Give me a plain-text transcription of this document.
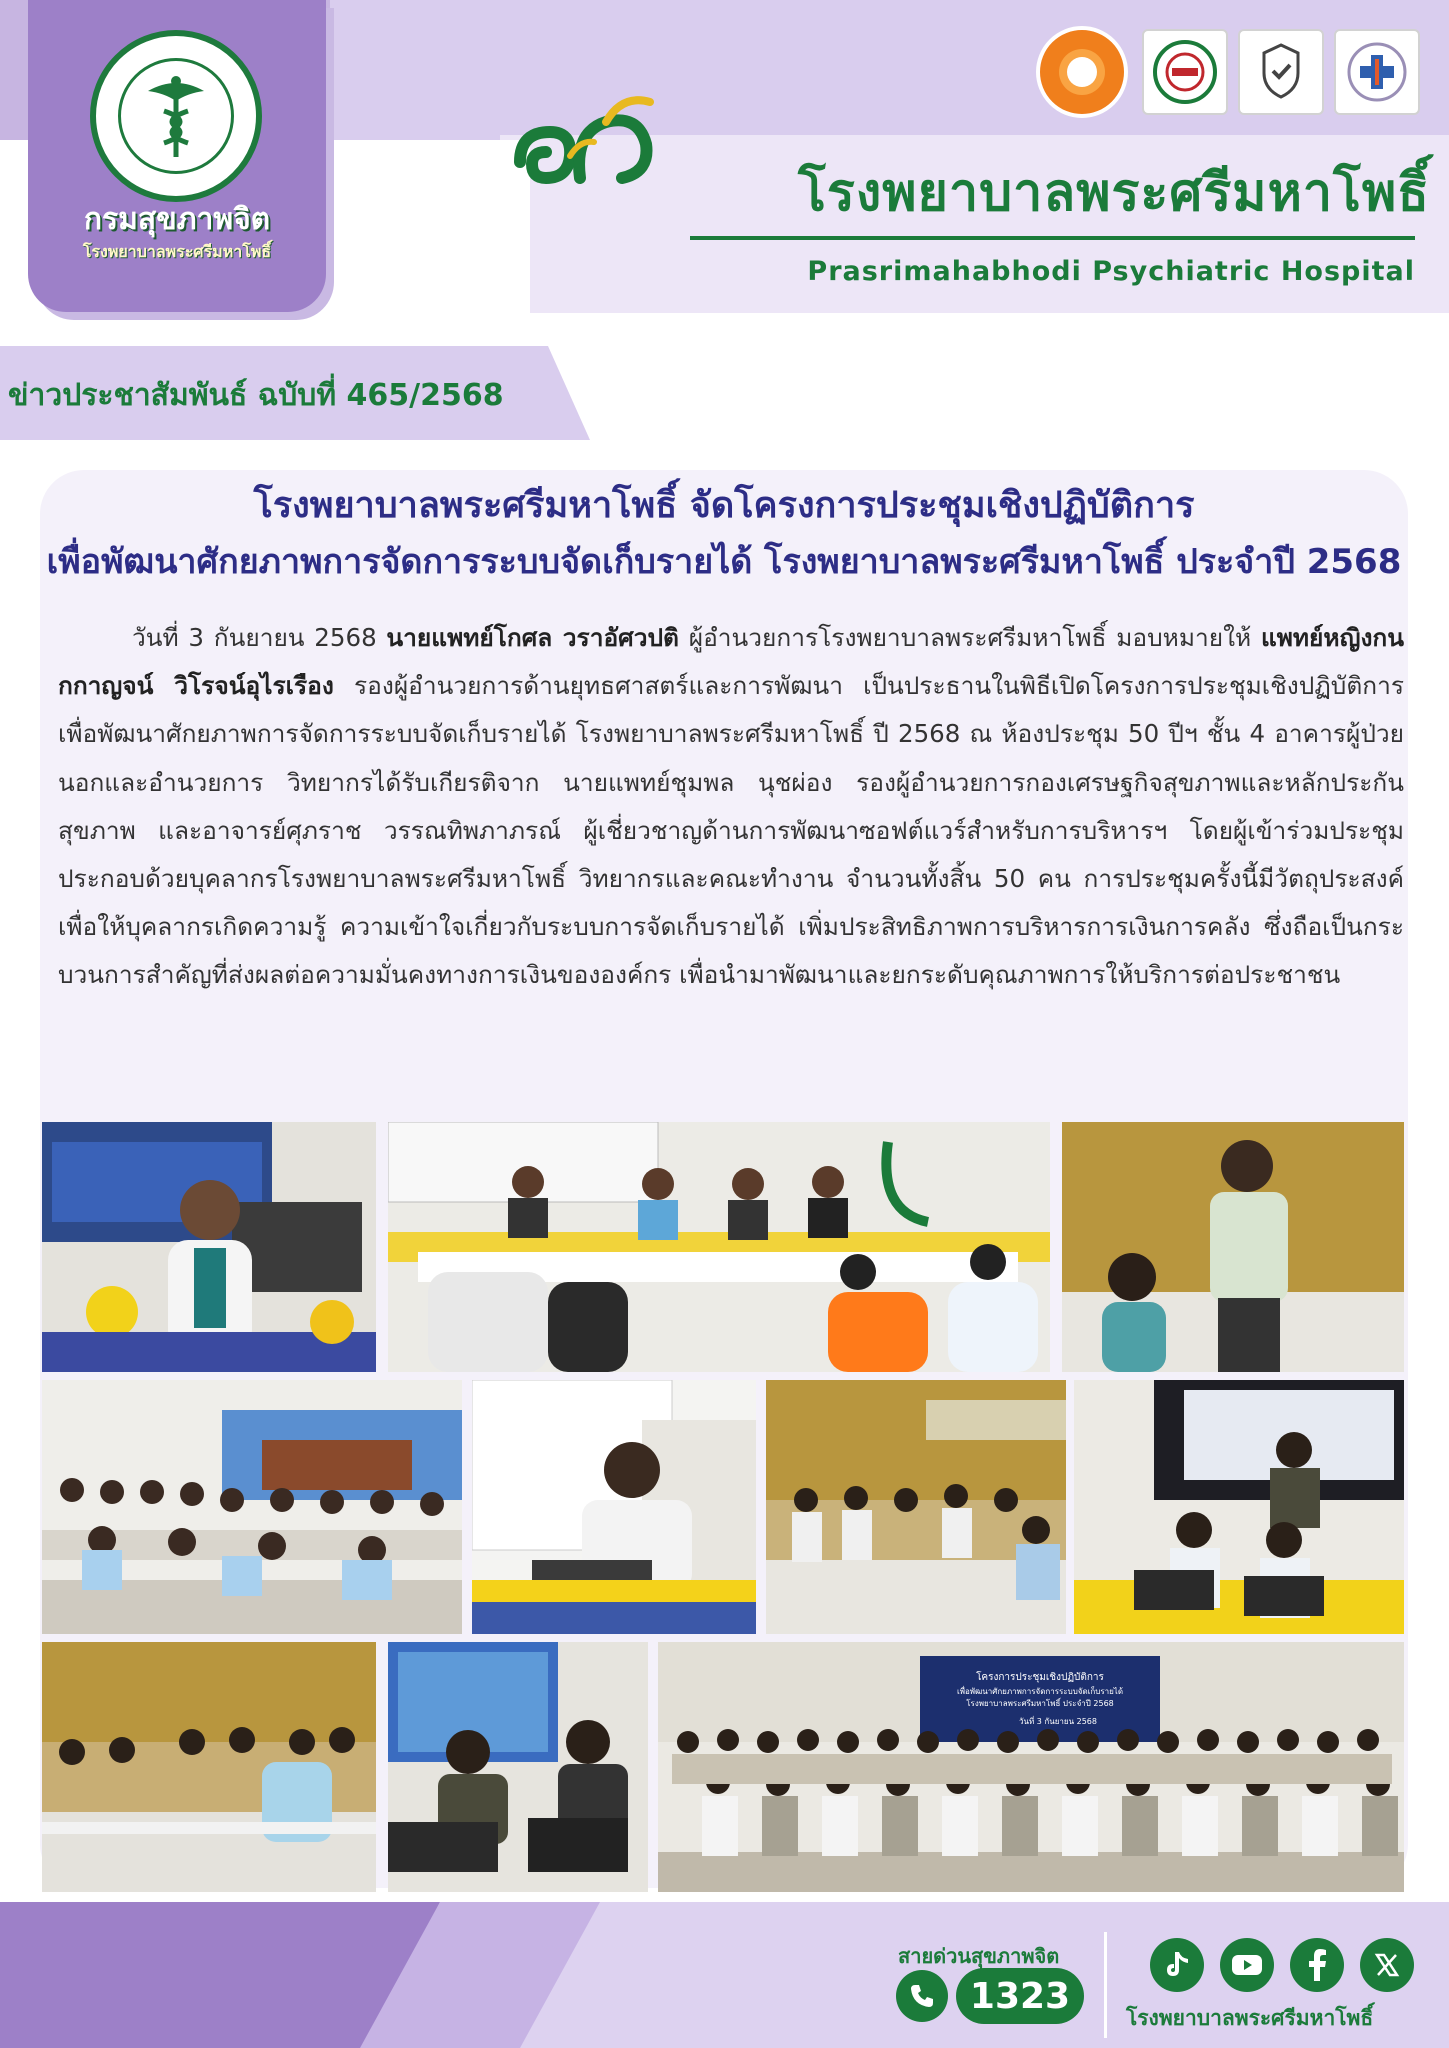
กรมสุขภาพจิต
โรงพยาบาลพระศรีมหาโพธิ์
โรงพยาบาลพระศรีมหาโพธิ์
Prasrimahabhodi Psychiatric Hospital
ข่าวประชาสัมพันธ์ ฉบับที่ 465/2568
โรงพยาบาลพระศรีมหาโพธิ์ จัดโครงการประชุมเชิงปฏิบัติการ
เพื่อพัฒนาศักยภาพการจัดการระบบจัดเก็บรายได้ โรงพยาบาลพระศรีมหาโพธิ์ ประจำปี 2568
วันที่ 3 กันยายน 2568 นายแพทย์โกศล วราอัศวปติ ผู้อำนวยการโรงพยาบาลพระศรีมหาโพธิ์ มอบหมายให้ แพทย์หญิงกนกกาญจน์ วิโรจน์อุไรเรือง รองผู้อำนวยการด้านยุทธศาสตร์และการพัฒนา เป็นประธานในพิธีเปิดโครงการประชุมเชิงปฏิบัติการเพื่อพัฒนาศักยภาพการจัดการระบบจัดเก็บรายได้ โรงพยาบาลพระศรีมหาโพธิ์ ปี 2568 ณ ห้องประชุม 50 ปีฯ ชั้น 4 อาคารผู้ป่วยนอกและอำนวยการ วิทยากรได้รับเกียรติจาก นายแพทย์ชุมพล นุชผ่อง รองผู้อำนวยการกองเศรษฐกิจสุขภาพและหลักประกันสุขภาพ และอาจารย์ศุภราช วรรณทิพภาภรณ์ ผู้เชี่ยวชาญด้านการพัฒนาซอฟต์แวร์สำหรับการบริหารฯ โดยผู้เข้าร่วมประชุมประกอบด้วยบุคลากรโรงพยาบาลพระศรีมหาโพธิ์ วิทยากรและคณะทำงาน จำนวนทั้งสิ้น 50 คน การประชุมครั้งนี้มีวัตถุประสงค์เพื่อให้บุคลากรเกิดความรู้ ความเข้าใจเกี่ยวกับระบบการจัดเก็บรายได้ เพิ่มประสิทธิภาพการบริหารการเงินการคลัง ซึ่งถือเป็นกระบวนการสำคัญที่ส่งผลต่อความมั่นคงทางการเงินขององค์กร เพื่อนำมาพัฒนาและยกระดับคุณภาพการให้บริการต่อประชาชน
โครงการประชุมเชิงปฏิบัติการ
เพื่อพัฒนาศักยภาพการจัดการระบบจัดเก็บรายได้
โรงพยาบาลพระศรีมหาโพธิ์ ประจำปี 2568
วันที่ 3 กันยายน 2568
สายด่วนสุขภาพจิต
1323
โรงพยาบาลพระศรีมหาโพธิ์
